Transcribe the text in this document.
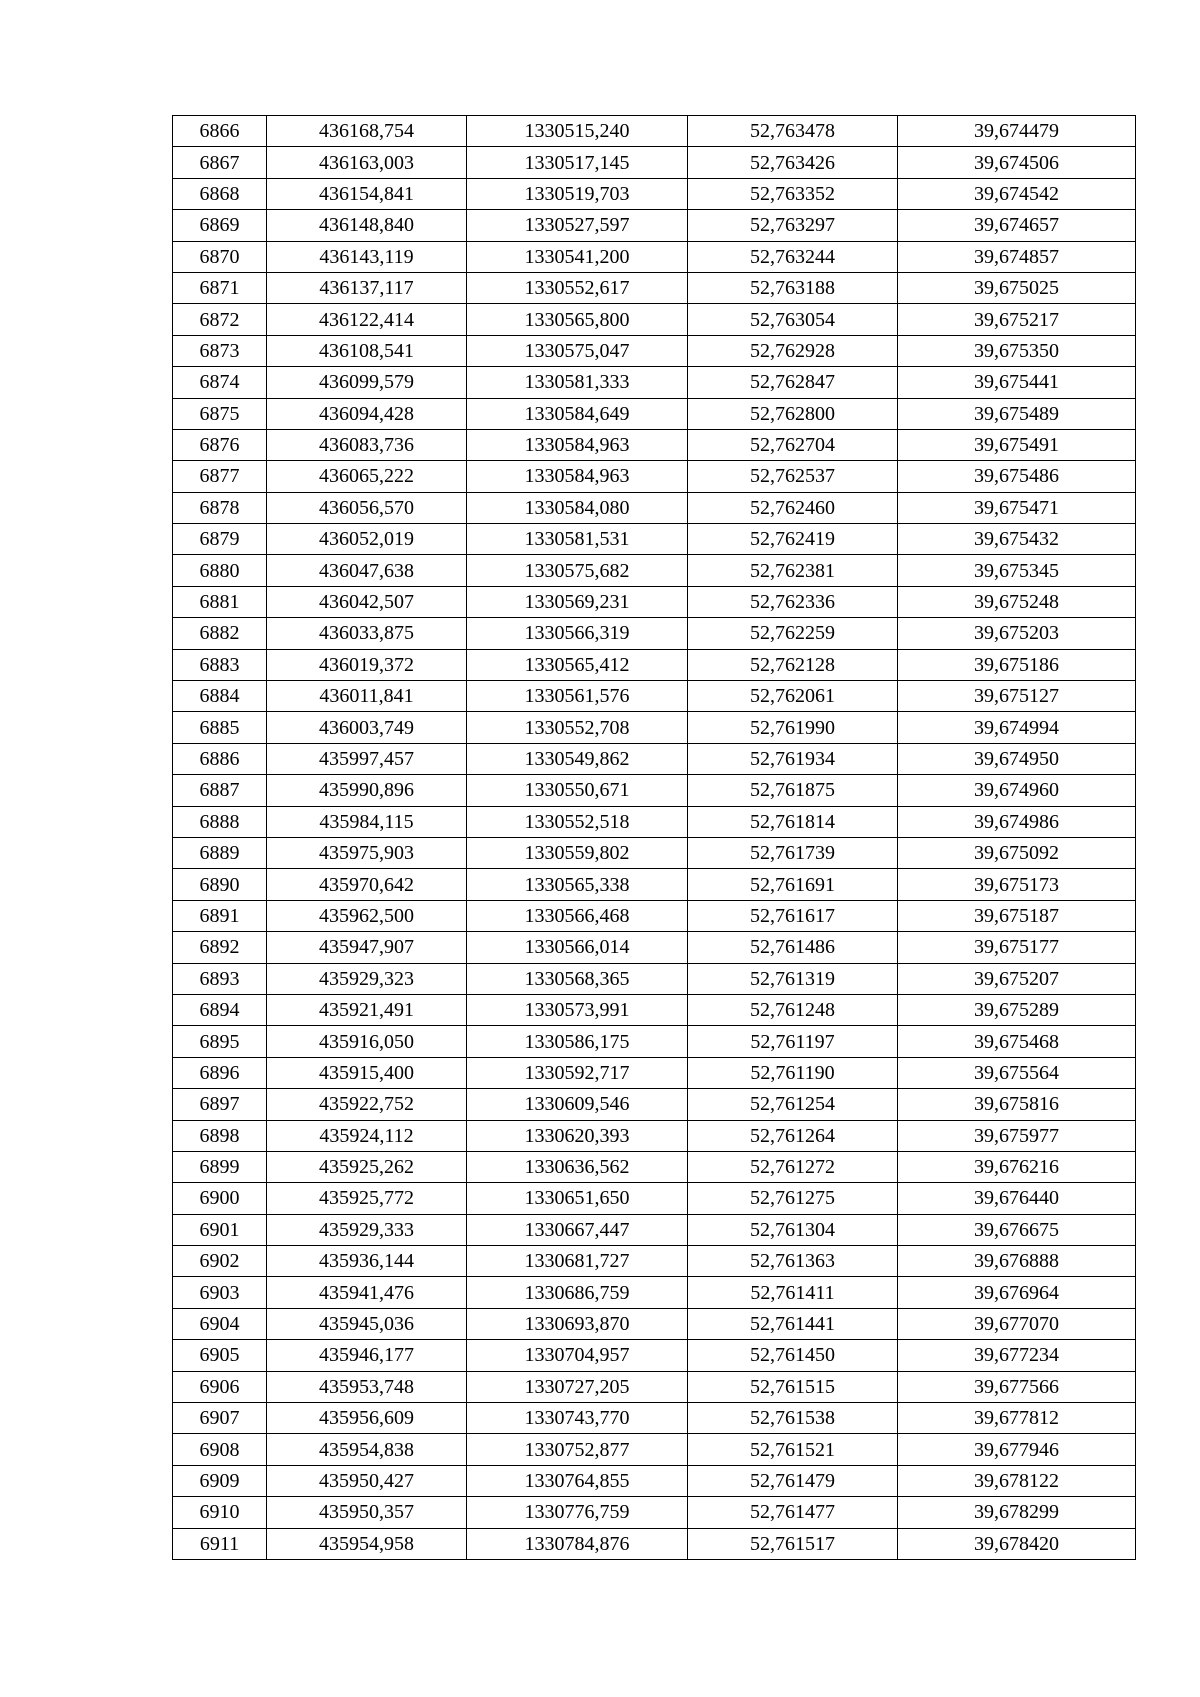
6866	436168,754	1330515,240	52,763478	39,674479
6867	436163,003	1330517,145	52,763426	39,674506
6868	436154,841	1330519,703	52,763352	39,674542
6869	436148,840	1330527,597	52,763297	39,674657
6870	436143,119	1330541,200	52,763244	39,674857
6871	436137,117	1330552,617	52,763188	39,675025
6872	436122,414	1330565,800	52,763054	39,675217
6873	436108,541	1330575,047	52,762928	39,675350
6874	436099,579	1330581,333	52,762847	39,675441
6875	436094,428	1330584,649	52,762800	39,675489
6876	436083,736	1330584,963	52,762704	39,675491
6877	436065,222	1330584,963	52,762537	39,675486
6878	436056,570	1330584,080	52,762460	39,675471
6879	436052,019	1330581,531	52,762419	39,675432
6880	436047,638	1330575,682	52,762381	39,675345
6881	436042,507	1330569,231	52,762336	39,675248
6882	436033,875	1330566,319	52,762259	39,675203
6883	436019,372	1330565,412	52,762128	39,675186
6884	436011,841	1330561,576	52,762061	39,675127
6885	436003,749	1330552,708	52,761990	39,674994
6886	435997,457	1330549,862	52,761934	39,674950
6887	435990,896	1330550,671	52,761875	39,674960
6888	435984,115	1330552,518	52,761814	39,674986
6889	435975,903	1330559,802	52,761739	39,675092
6890	435970,642	1330565,338	52,761691	39,675173
6891	435962,500	1330566,468	52,761617	39,675187
6892	435947,907	1330566,014	52,761486	39,675177
6893	435929,323	1330568,365	52,761319	39,675207
6894	435921,491	1330573,991	52,761248	39,675289
6895	435916,050	1330586,175	52,761197	39,675468
6896	435915,400	1330592,717	52,761190	39,675564
6897	435922,752	1330609,546	52,761254	39,675816
6898	435924,112	1330620,393	52,761264	39,675977
6899	435925,262	1330636,562	52,761272	39,676216
6900	435925,772	1330651,650	52,761275	39,676440
6901	435929,333	1330667,447	52,761304	39,676675
6902	435936,144	1330681,727	52,761363	39,676888
6903	435941,476	1330686,759	52,761411	39,676964
6904	435945,036	1330693,870	52,761441	39,677070
6905	435946,177	1330704,957	52,761450	39,677234
6906	435953,748	1330727,205	52,761515	39,677566
6907	435956,609	1330743,770	52,761538	39,677812
6908	435954,838	1330752,877	52,761521	39,677946
6909	435950,427	1330764,855	52,761479	39,678122
6910	435950,357	1330776,759	52,761477	39,678299
6911	435954,958	1330784,876	52,761517	39,678420
